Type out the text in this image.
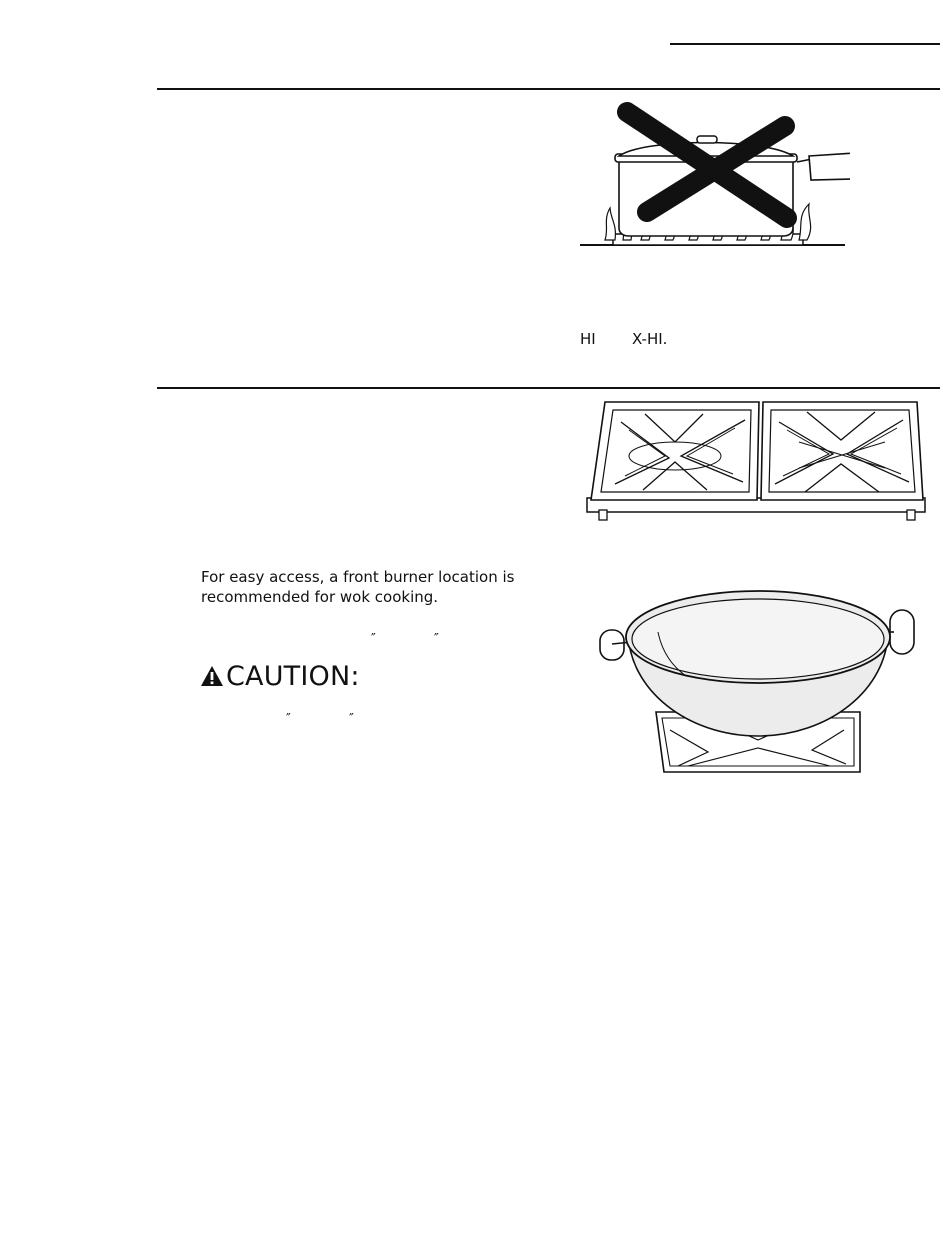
HI X-HI.
For easy access, a front burner location is
recommended for wok cooking.
″	″
CAUTION:
″	″
